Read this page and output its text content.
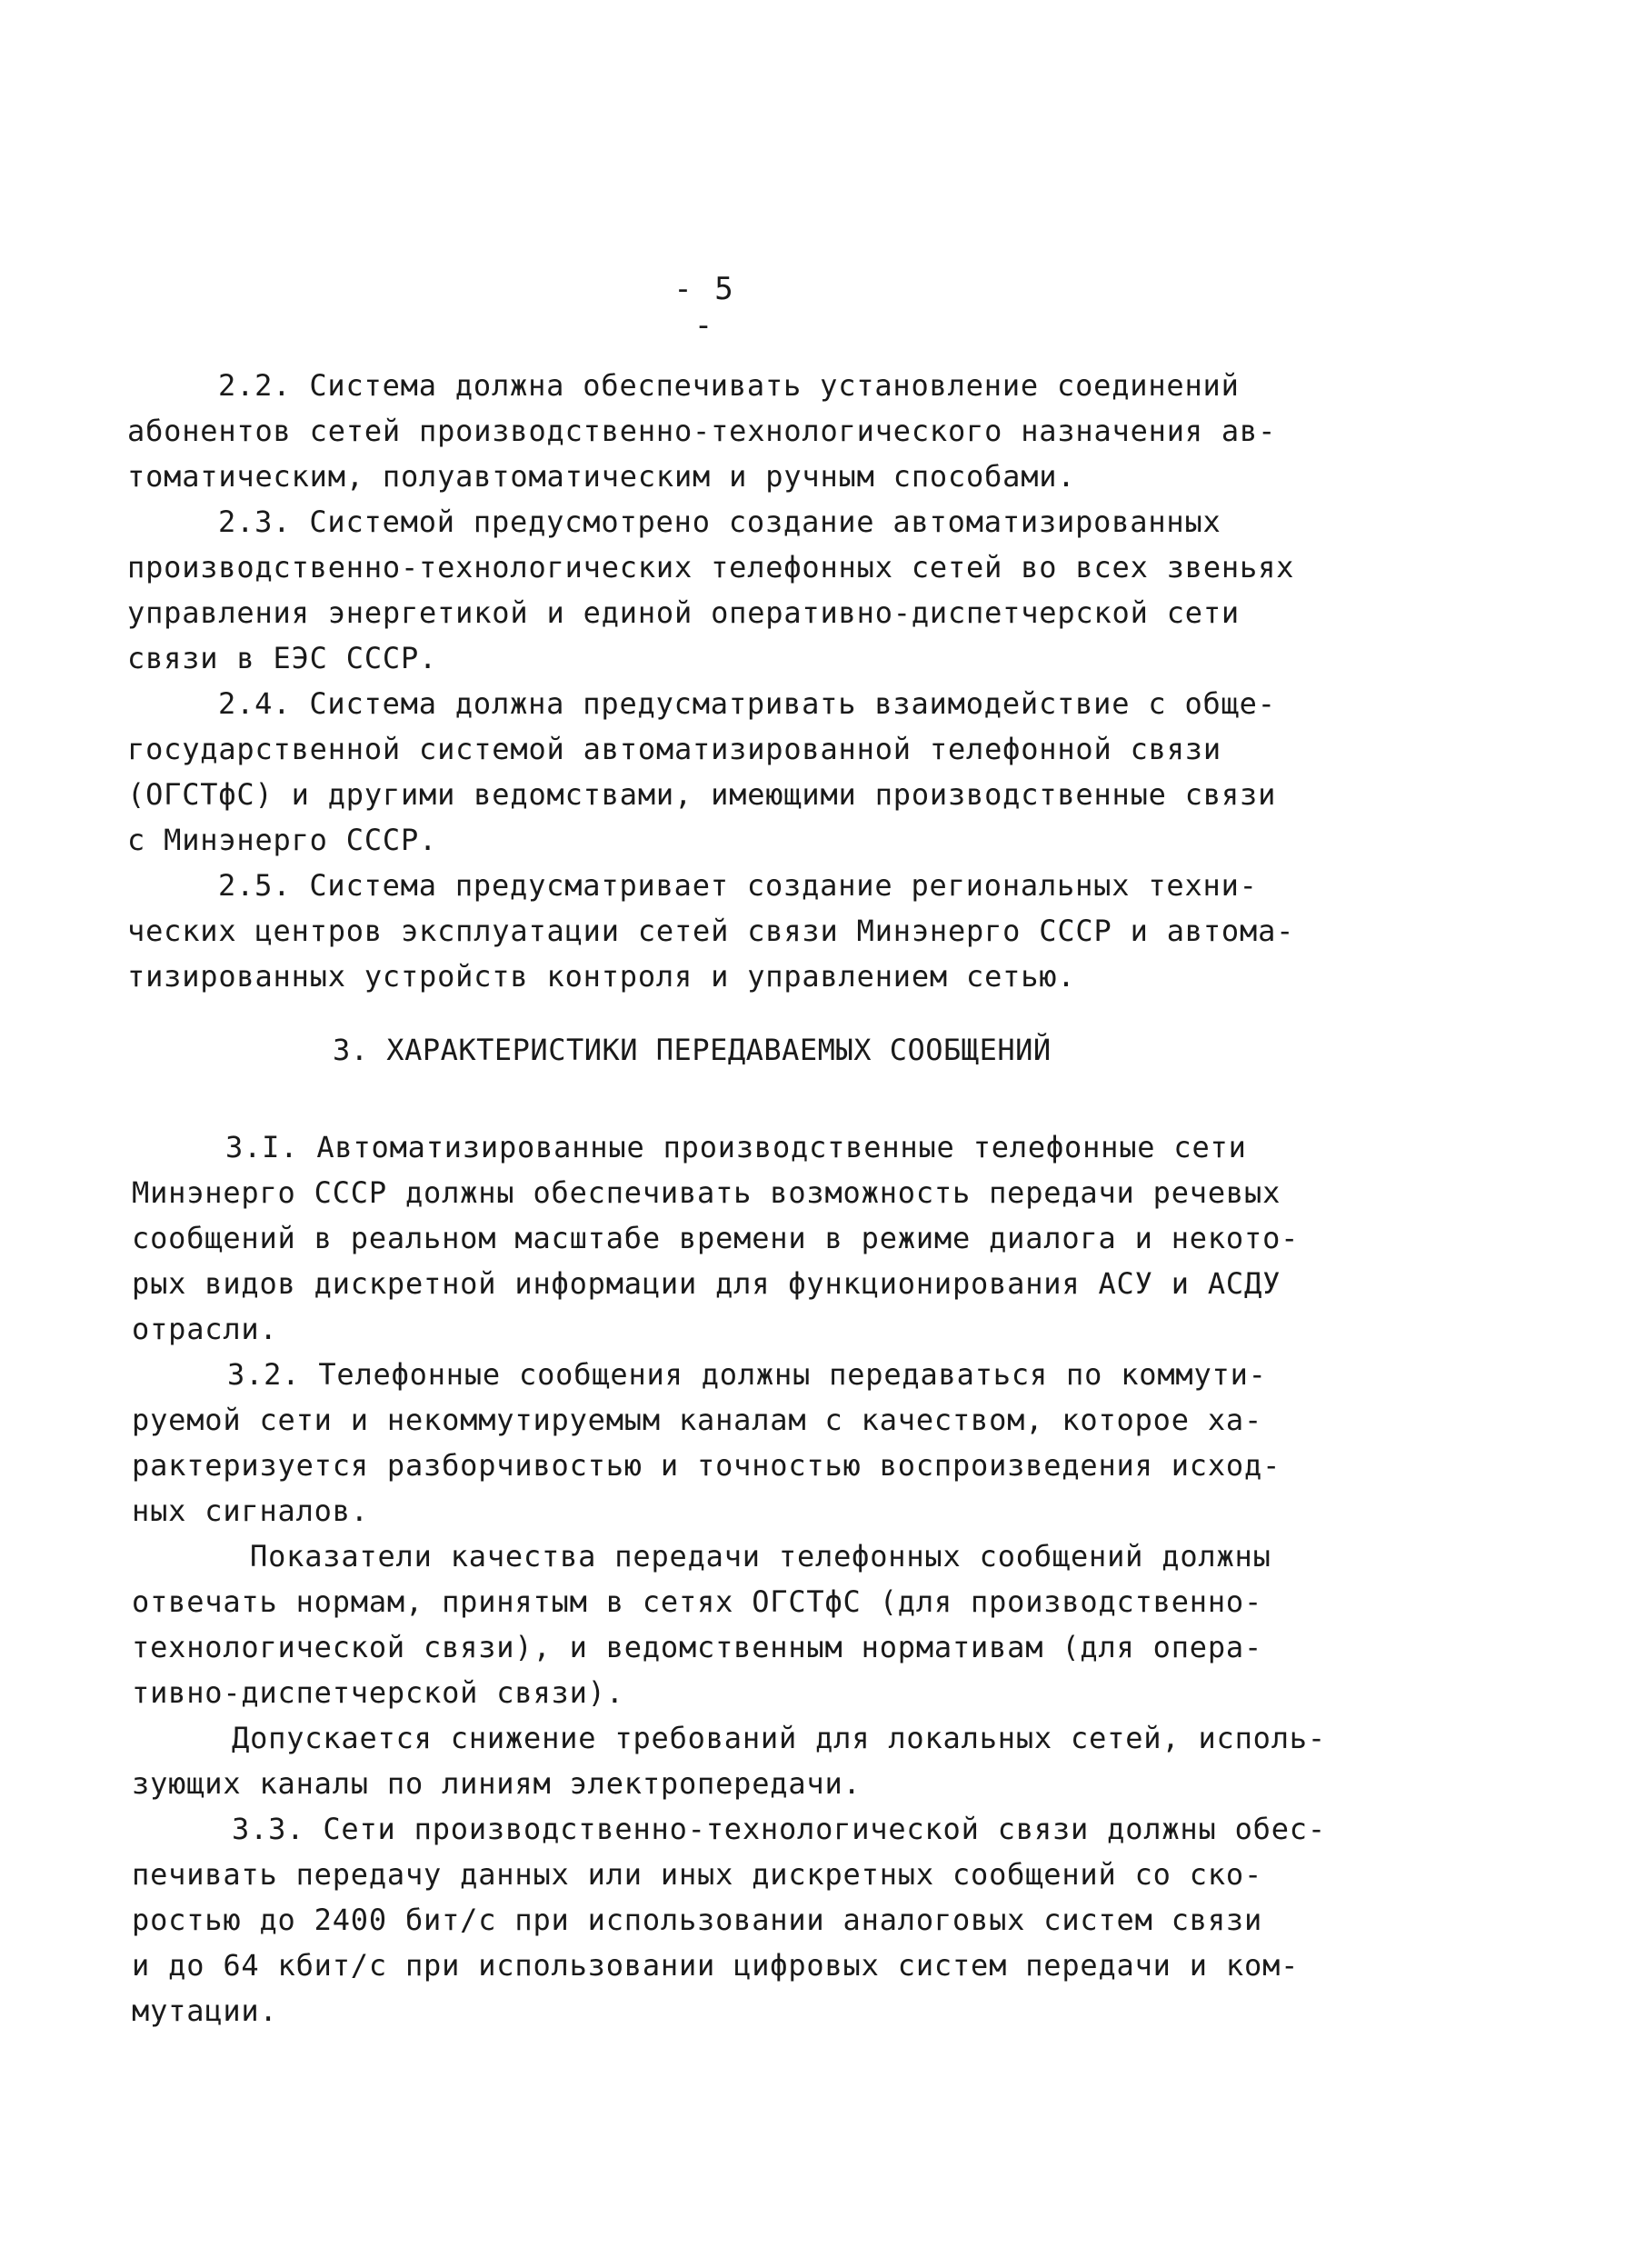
- 5 -
2.2. Система должна обеспечивать установление соединений
абонентов сетей производственно-технологического назначения ав-
томатическим, полуавтоматическим и ручным способами.
2.3. Системой предусмотрено создание автоматизированных
производственно-технологических телефонных сетей во всех звеньях
управления энергетикой и единой оперативно-диспетчерской сети
связи в ЕЭС СССР.
2.4. Система должна предусматривать взаимодействие с обще-
государственной системой автоматизированной телефонной связи
(ОГСТфС) и другими ведомствами, имеющими производственные связи
с Минэнерго СССР.
2.5. Система предусматривает создание региональных техни-
ческих центров эксплуатации сетей связи Минэнерго СССР и автома-
тизированных устройств контроля и управлением сетью.
3. ХАРАКТЕРИСТИКИ ПЕРЕДАВАЕМЫХ СООБЩЕНИЙ
3.I. Автоматизированные производственные телефонные сети
Минэнерго СССР должны обеспечивать возможность передачи речевых
сообщений в реальном масштабе времени в режиме диалога и некото-
рых видов дискретной информации для функционирования АСУ и АСДУ
отрасли.
3.2. Телефонные сообщения должны передаваться по коммути-
руемой сети и некоммутируемым каналам с качеством, которое ха-
рактеризуется разборчивостью и точностью воспроизведения исход-
ных сигналов.
Показатели качества передачи телефонных сообщений должны
отвечать нормам, принятым в сетях ОГСТфС (для производственно-
технологической связи), и ведомственным нормативам (для опера-
тивно-диспетчерской связи).
Допускается снижение требований для локальных сетей, исполь-
зующих каналы по линиям электропередачи.
3.3. Сети производственно-технологической связи должны обес-
печивать передачу данных или иных дискретных сообщений со ско-
ростью до 2400 бит/с при использовании аналоговых систем связи
и до 64 кбит/с при использовании цифровых систем передачи и ком-
мутации.
